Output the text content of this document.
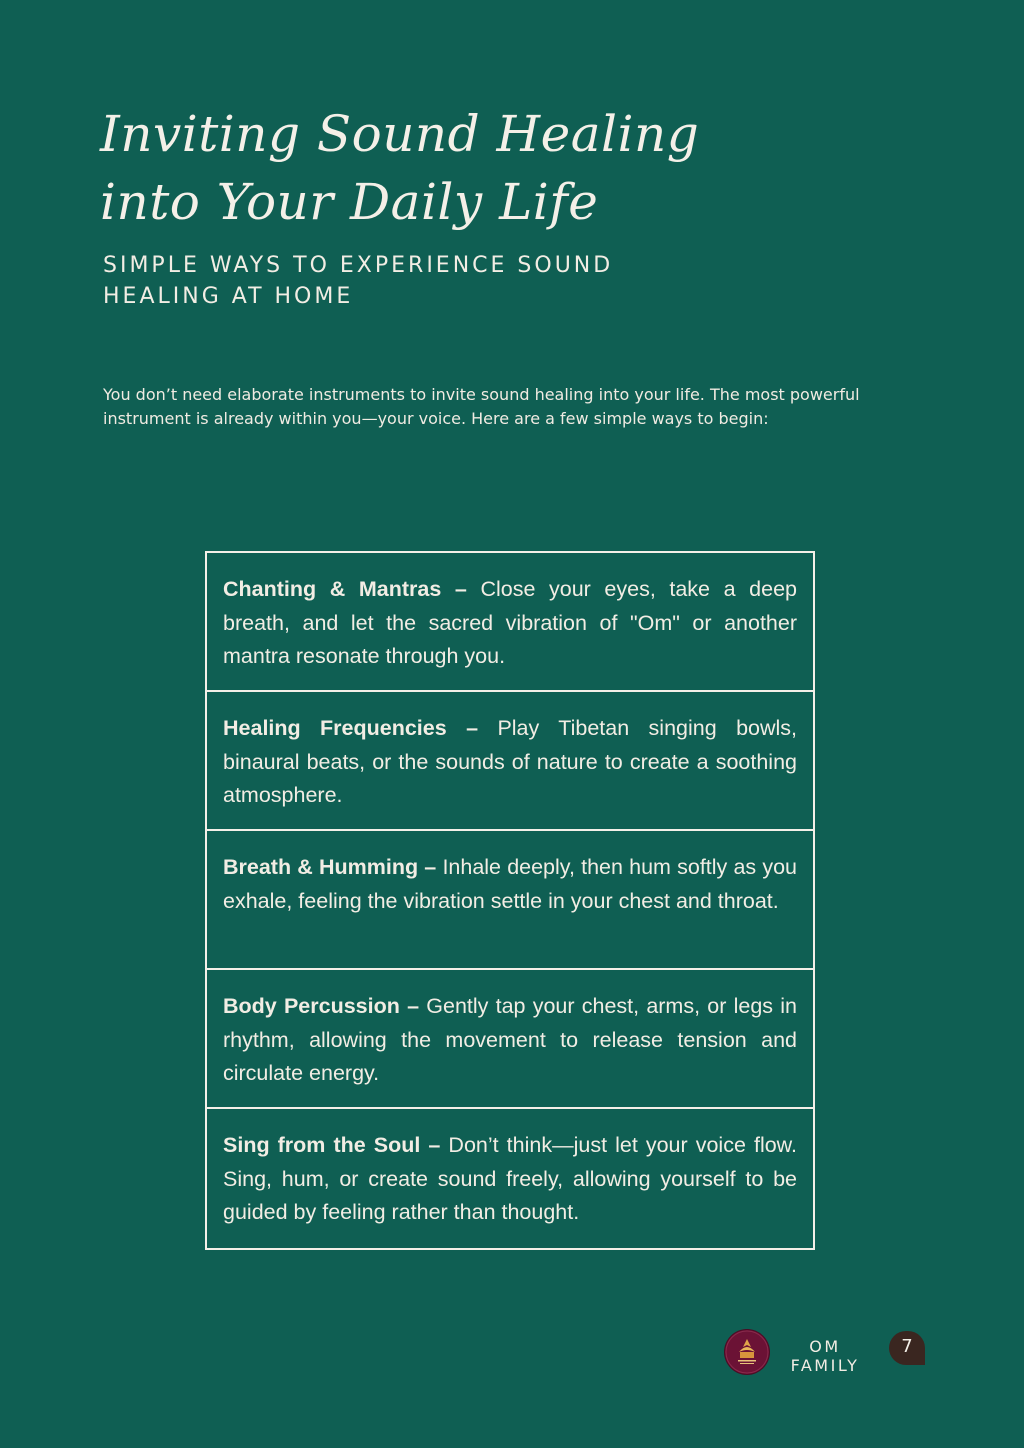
Inviting Sound Healing
into Your Daily Life
SIMPLE WAYS TO EXPERIENCE SOUND
HEALING AT HOME

You don’t need elaborate instruments to invite sound healing into your life. The most powerful instrument is already within you—your voice. Here are a few simple ways to begin:

Chanting & Mantras – Close your eyes, take a deep breath, and let the sacred vibration of "Om" or another mantra resonate through you.
Healing Frequencies – Play Tibetan singing bowls, binaural beats, or the sounds of nature to create a soothing atmosphere.
Breath & Humming – Inhale deeply, then hum softly as you exhale, feeling the vibration settle in your chest and throat.
Body Percussion – Gently tap your chest, arms, or legs in rhythm, allowing the movement to release tension and circulate energy.
Sing from the Soul – Don’t think—just let your voice flow. Sing, hum, or create sound freely, allowing yourself to be guided by feeling rather than thought.
OM
FAMILY
7
